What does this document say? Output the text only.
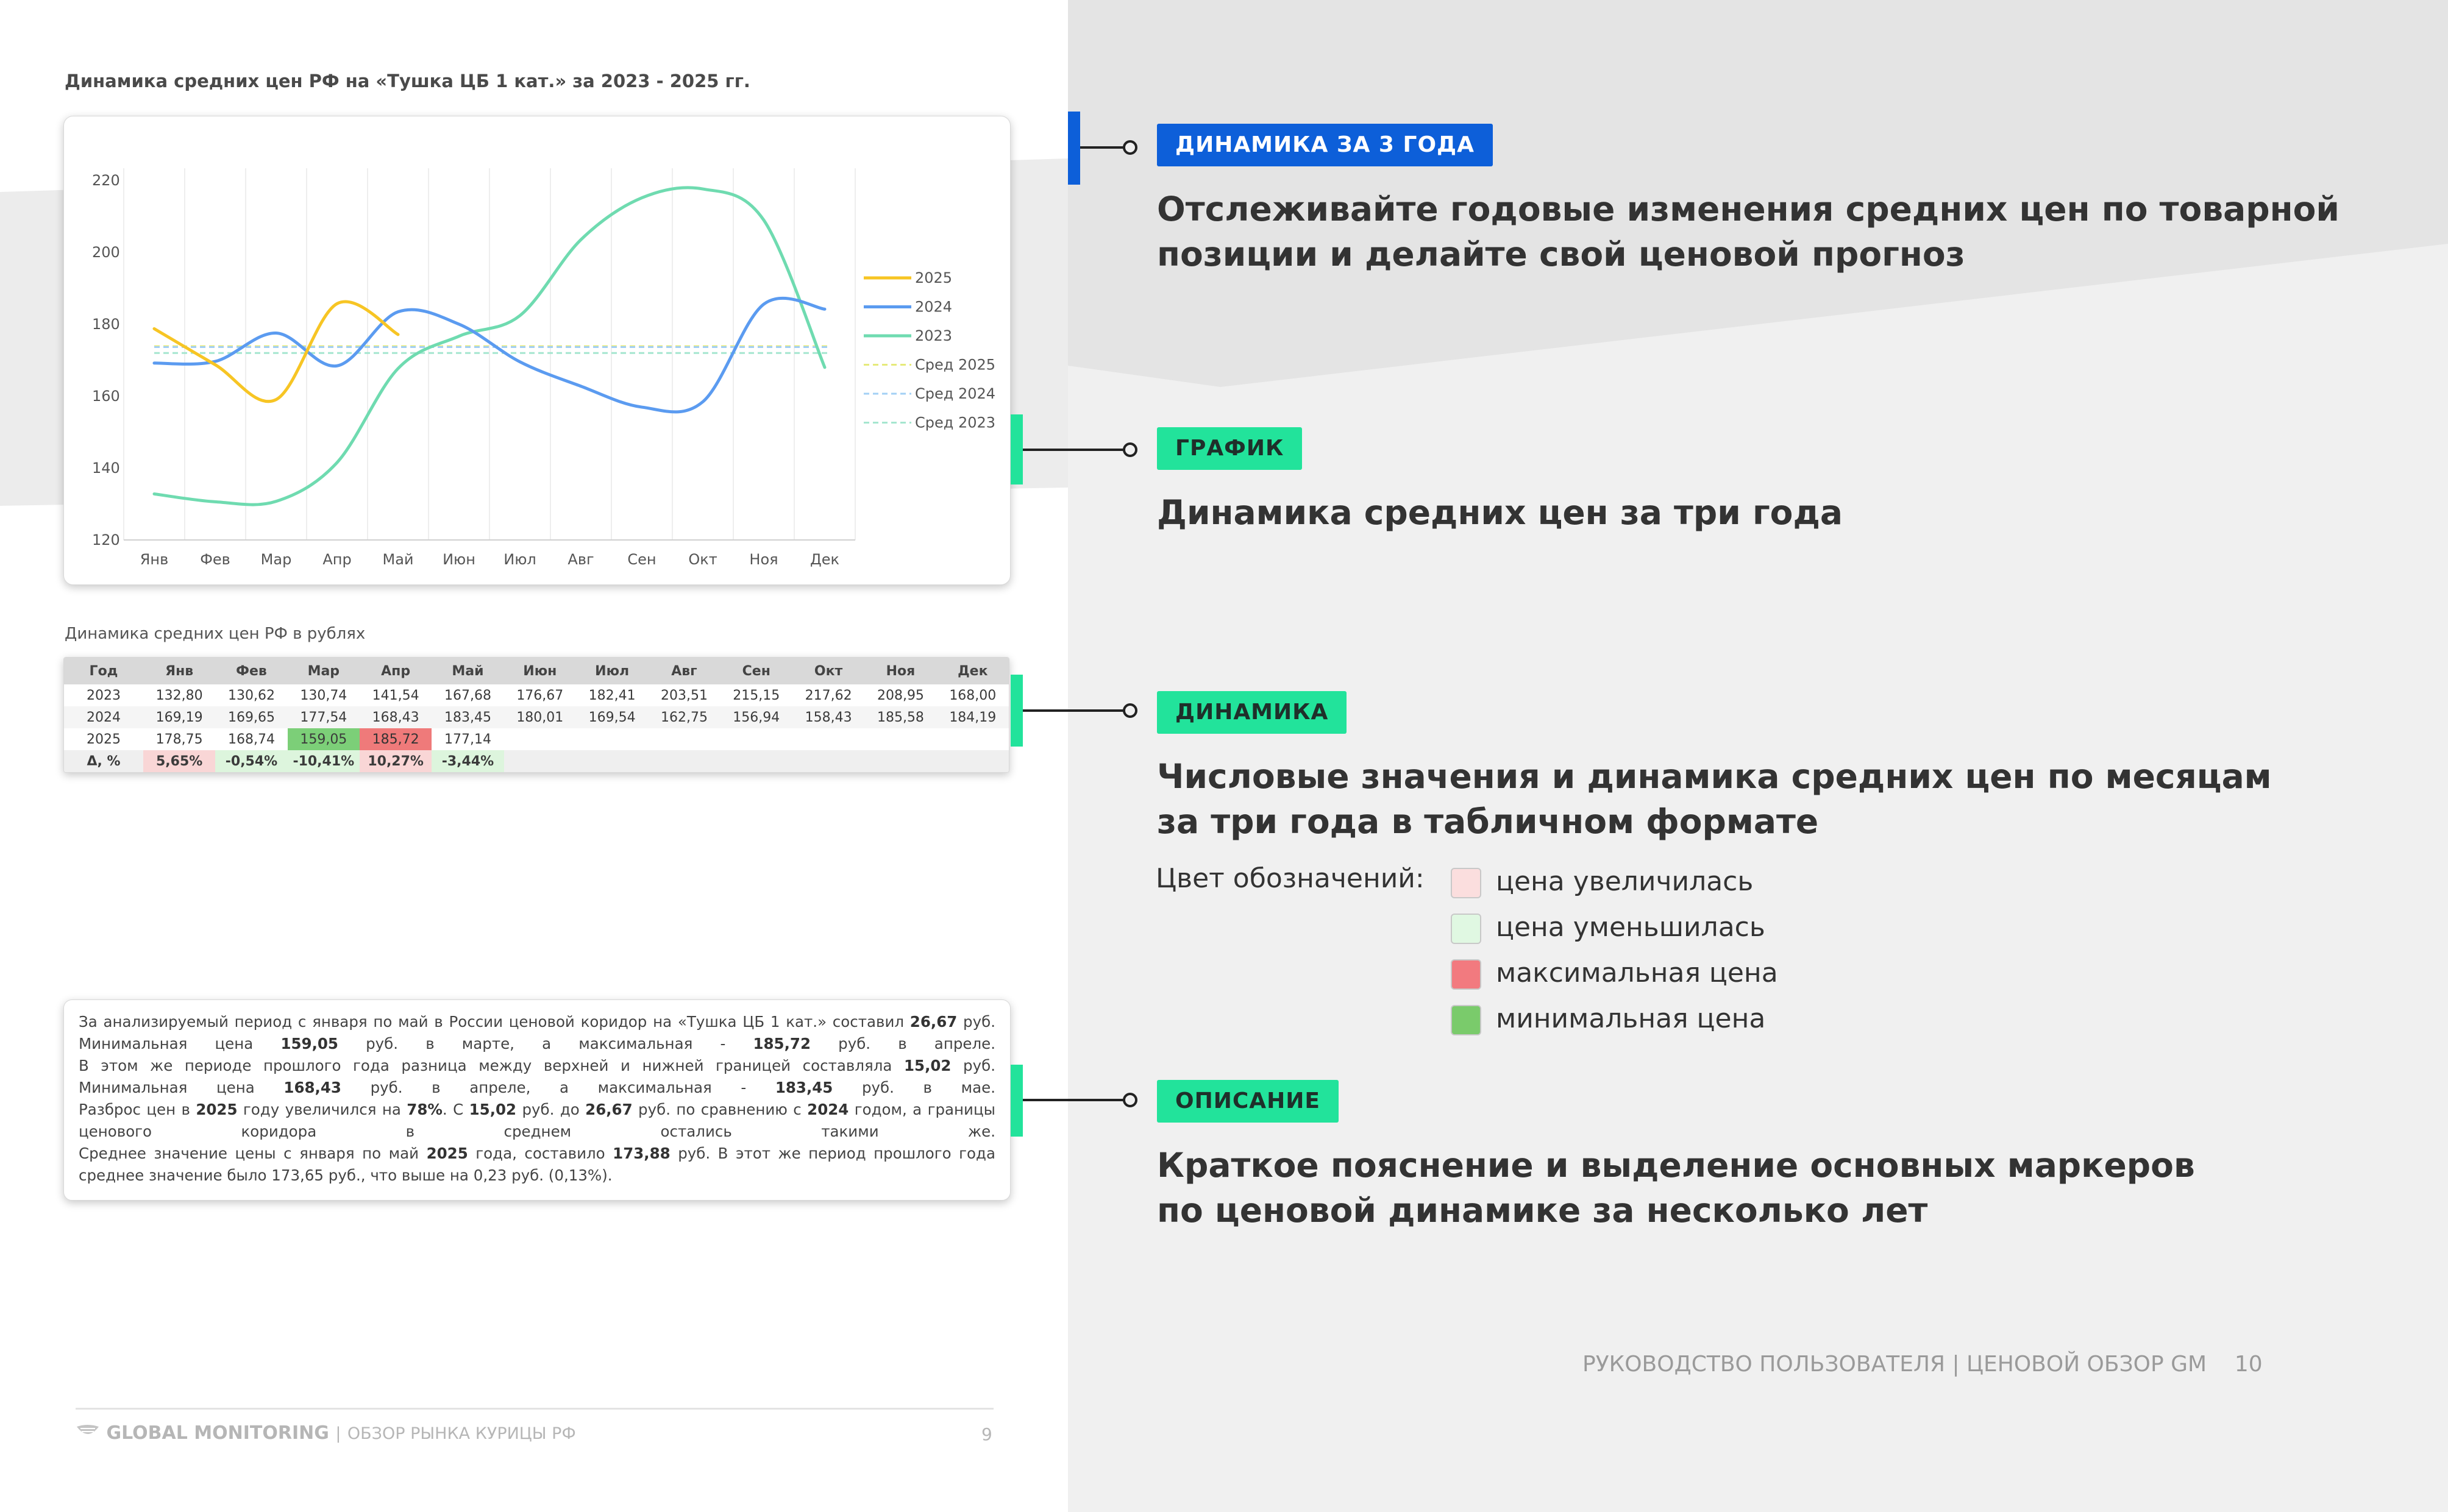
Динамика средних цен РФ на «Тушка ЦБ 1 кат.» за 2023 - 2025 гг.
120
140
160
180
200
220
Янв Фев Мар Апр Май Июн Июл Авг Сен Окт Ноя Дек
2025
2024
2023
Сред 2025
Сред 2024
Сред 2023
Динамика средних цен РФ в рублях
Год	Янв	Фев	Мар	Апр	Май	Июн	Июл	Авг	Сен	Окт	Ноя	Дек
2023	132,80	130,62	130,74	141,54	167,68	176,67	182,41	203,51	215,15	217,62	208,95	168,00
2024	169,19	169,65	177,54	168,43	183,45	180,01	169,54	162,75	156,94	158,43	185,58	184,19
2025	178,75	168,74	159,05	185,72	177,14							
Δ, %	5,65%	-0,54%	-10,41%	10,27%	-3,44%							

За анализируемый период с января по май в России ценовой коридор на «Тушка ЦБ 1 кат.» составил 26,67 руб. Минимальная цена 159,05 руб. в марте, а максимальная - 185,72 руб. в апреле.

В этом же периоде прошлого года разница между верхней и нижней границей составляла 15,02 руб. Минимальная цена 168,43 руб. в апреле, а максимальная - 183,45 руб. в мае.

Разброс цен в 2025 году увеличился на 78%. С 15,02 руб. до 26,67 руб. по сравнению с 2024 годом, а границы ценового коридора в среднем остались такими же.

Среднее значение цены с января по май 2025 года, составило 173,88 руб. В этот же период прошлого года среднее значение было 173,65 руб., что выше на 0,23 руб. (0,13%).

GLOBAL MONITORING | ОБЗОР РЫНКА КУРИЦЫ РФ	9
ДИНАМИКА ЗА 3 ГОДА
Отслеживайте годовые изменения средних цен по товарной
позиции и делайте свой ценовой прогноз
ГРАФИК
Динамика средних цен за три года
ДИНАМИКА
Числовые значения и динамика средних цен по месяцам
за три года в табличном формате
Цвет обозначений:	цена увеличилась
цена уменьшилась
максимальная цена
минимальная цена
ОПИСАНИЕ
Краткое пояснение и выделение основных маркеров
по ценовой динамике за несколько лет
РУКОВОДСТВО ПОЛЬЗОВАТЕЛЯ | ЦЕНОВОЙ ОБЗОР GM    10
